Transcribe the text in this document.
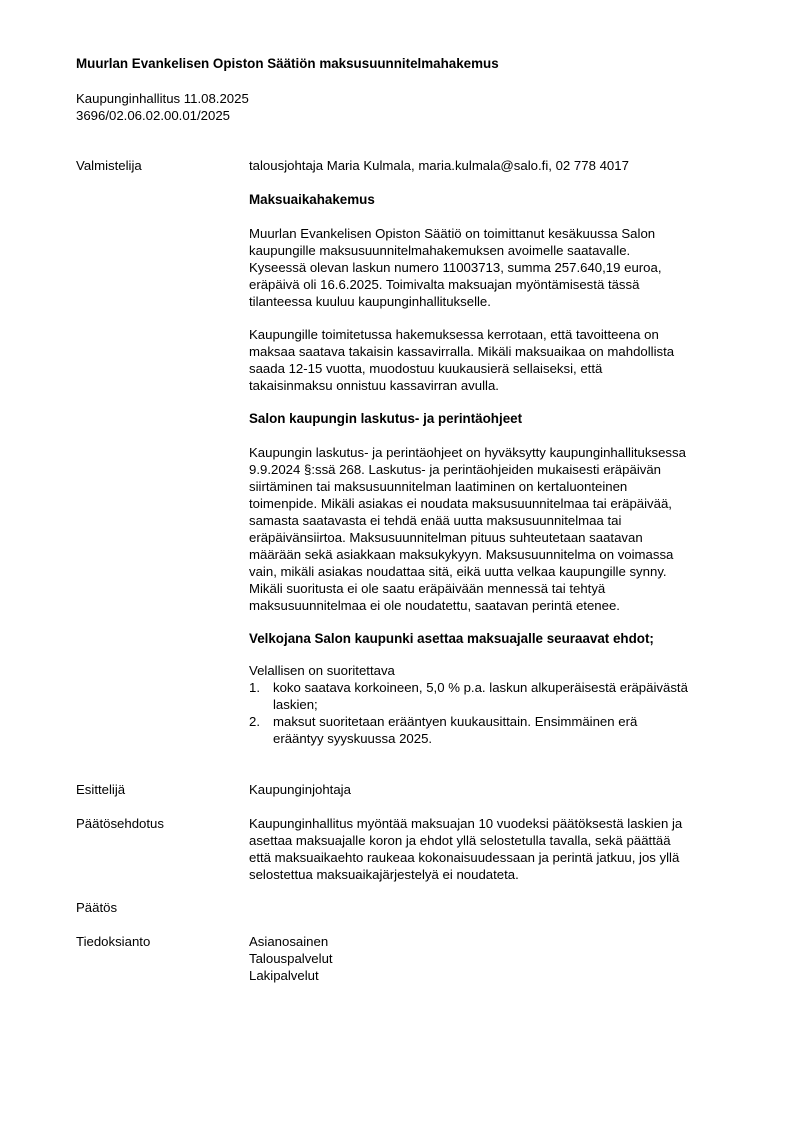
Muurlan Evankelisen Opiston Säätiön maksusuunnitelmahakemus
Kaupunginhallitus 11.08.2025
3696/02.06.02.00.01/2025
Valmistelija	talousjohtaja Maria Kulmala, maria.kulmala@salo.fi, 02 778 4017

Maksuaikahakemus

Muurlan Evankelisen Opiston Säätiö on toimittanut kesäkuussa Salon

kaupungille maksusuunnitelmahakemuksen avoimelle saatavalle.

Kyseessä olevan laskun numero 11003713, summa 257.640,19 euroa,

eräpäivä oli 16.6.2025. Toimivalta maksuajan myöntämisestä tässä

tilanteessa kuuluu kaupunginhallitukselle.

Kaupungille toimitetussa hakemuksessa kerrotaan, että tavoitteena on

maksaa saatava takaisin kassavirralla. Mikäli maksuaikaa on mahdollista

saada 12-15 vuotta, muodostuu kuukausierä sellaiseksi, että

takaisinmaksu onnistuu kassavirran avulla.

Salon kaupungin laskutus- ja perintäohjeet

Kaupungin laskutus- ja perintäohjeet on hyväksytty kaupunginhallituksessa

9.9.2024 §:ssä 268. Laskutus- ja perintäohjeiden mukaisesti eräpäivän

siirtäminen tai maksusuunnitelman laatiminen on kertaluonteinen

toimenpide. Mikäli asiakas ei noudata maksusuunnitelmaa tai eräpäivää,

samasta saatavasta ei tehdä enää uutta maksusuunnitelmaa tai

eräpäivänsiirtoa. Maksusuunnitelman pituus suhteutetaan saatavan

määrään sekä asiakkaan maksukykyyn. Maksusuunnitelma on voimassa

vain, mikäli asiakas noudattaa sitä, eikä uutta velkaa kaupungille synny.

Mikäli suoritusta ei ole saatu eräpäivään mennessä tai tehtyä

maksusuunnitelmaa ei ole noudatettu, saatavan perintä etenee.

Velkojana Salon kaupunki asettaa maksuajalle seuraavat ehdot;

Velallisen on suoritettava

1. koko saatava korkoineen, 5,0 % p.a. laskun alkuperäisestä eräpäivästä
laskien;
2. maksut suoritetaan erääntyen kuukausittain. Ensimmäinen erä
erääntyy syyskuussa 2025.
Esittelijä	Kaupunginjohtaja

Päätösehdotus	Kaupunginhallitus myöntää maksuajan 10 vuodeksi päätöksestä laskien ja

asettaa maksuajalle koron ja ehdot yllä selostetulla tavalla, sekä päättää

että maksuaikaehto raukeaa kokonaisuudessaan ja perintä jatkuu, jos yllä

selostettua maksuaikajärjestelyä ei noudateta.

Päätös
Tiedoksianto	Asianosainen

Talouspalvelut

Lakipalvelut
